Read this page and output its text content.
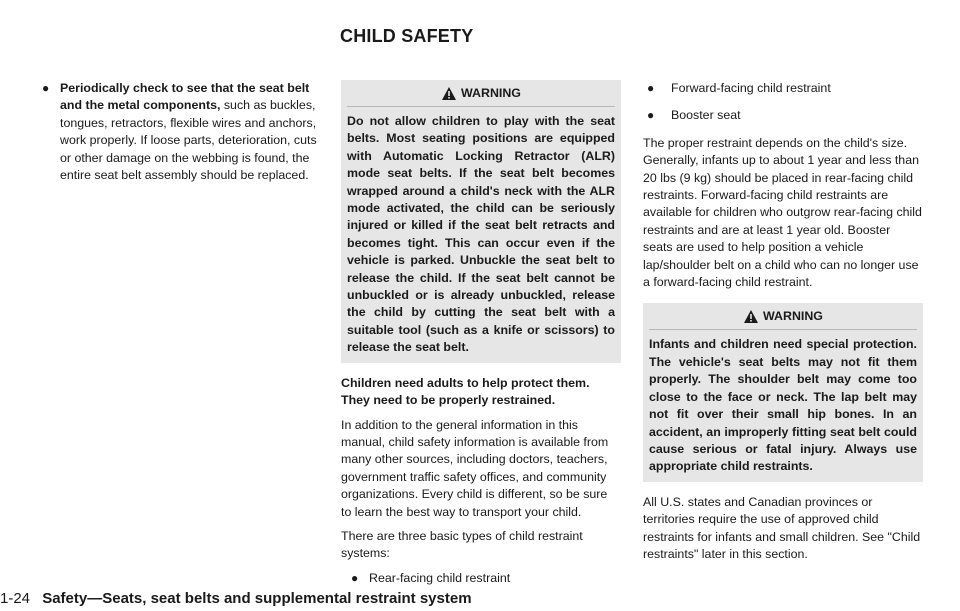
CHILD SAFETY
● Periodically check to see that the seat belt and the metal components, such as buckles, tongues, retractors, flexible wires and anchors, work properly. If loose parts, deterioration, cuts or other damage on the webbing is found, the entire seat belt assembly should be replaced.
WARNING

Do not allow children to play with the seat belts. Most seating positions are equipped with Automatic Locking Retractor (ALR) mode seat belts. If the seat belt becomes wrapped around a child's neck with the ALR mode activated, the child can be seriously injured or killed if the seat belt retracts and becomes tight. This can occur even if the vehicle is parked. Unbuckle the seat belt to release the child. If the seat belt cannot be unbuckled or is already unbuckled, release the child by cutting the seat belt with a suitable tool (such as a knife or scissors) to release the seat belt.

Children need adults to help protect them. They need to be properly restrained.

In addition to the general information in this manual, child safety information is available from many other sources, including doctors, teachers, government traffic safety offices, and community organizations. Every child is different, so be sure to learn the best way to transport your child.

There are three basic types of child restraint systems:

● Rear-facing child restraint
● Forward-facing child restraint
● Booster seat

The proper restraint depends on the child's size. Generally, infants up to about 1 year and less than 20 lbs (9 kg) should be placed in rear-facing child restraints. Forward-facing child restraints are available for children who outgrow rear-facing child restraints and are at least 1 year old. Booster seats are used to help position a vehicle lap/shoulder belt on a child who can no longer use a forward-facing child restraint.

WARNING

Infants and children need special protection. The vehicle's seat belts may not fit them properly. The shoulder belt may come too close to the face or neck. The lap belt may not fit over their small hip bones. In an accident, an improperly fitting seat belt could cause serious or fatal injury. Always use appropriate child restraints.

All U.S. states and Canadian provinces or territories require the use of approved child restraints for infants and small children. See "Child restraints" later in this section.

1-24 Safety—Seats, seat belts and supplemental restraint system
